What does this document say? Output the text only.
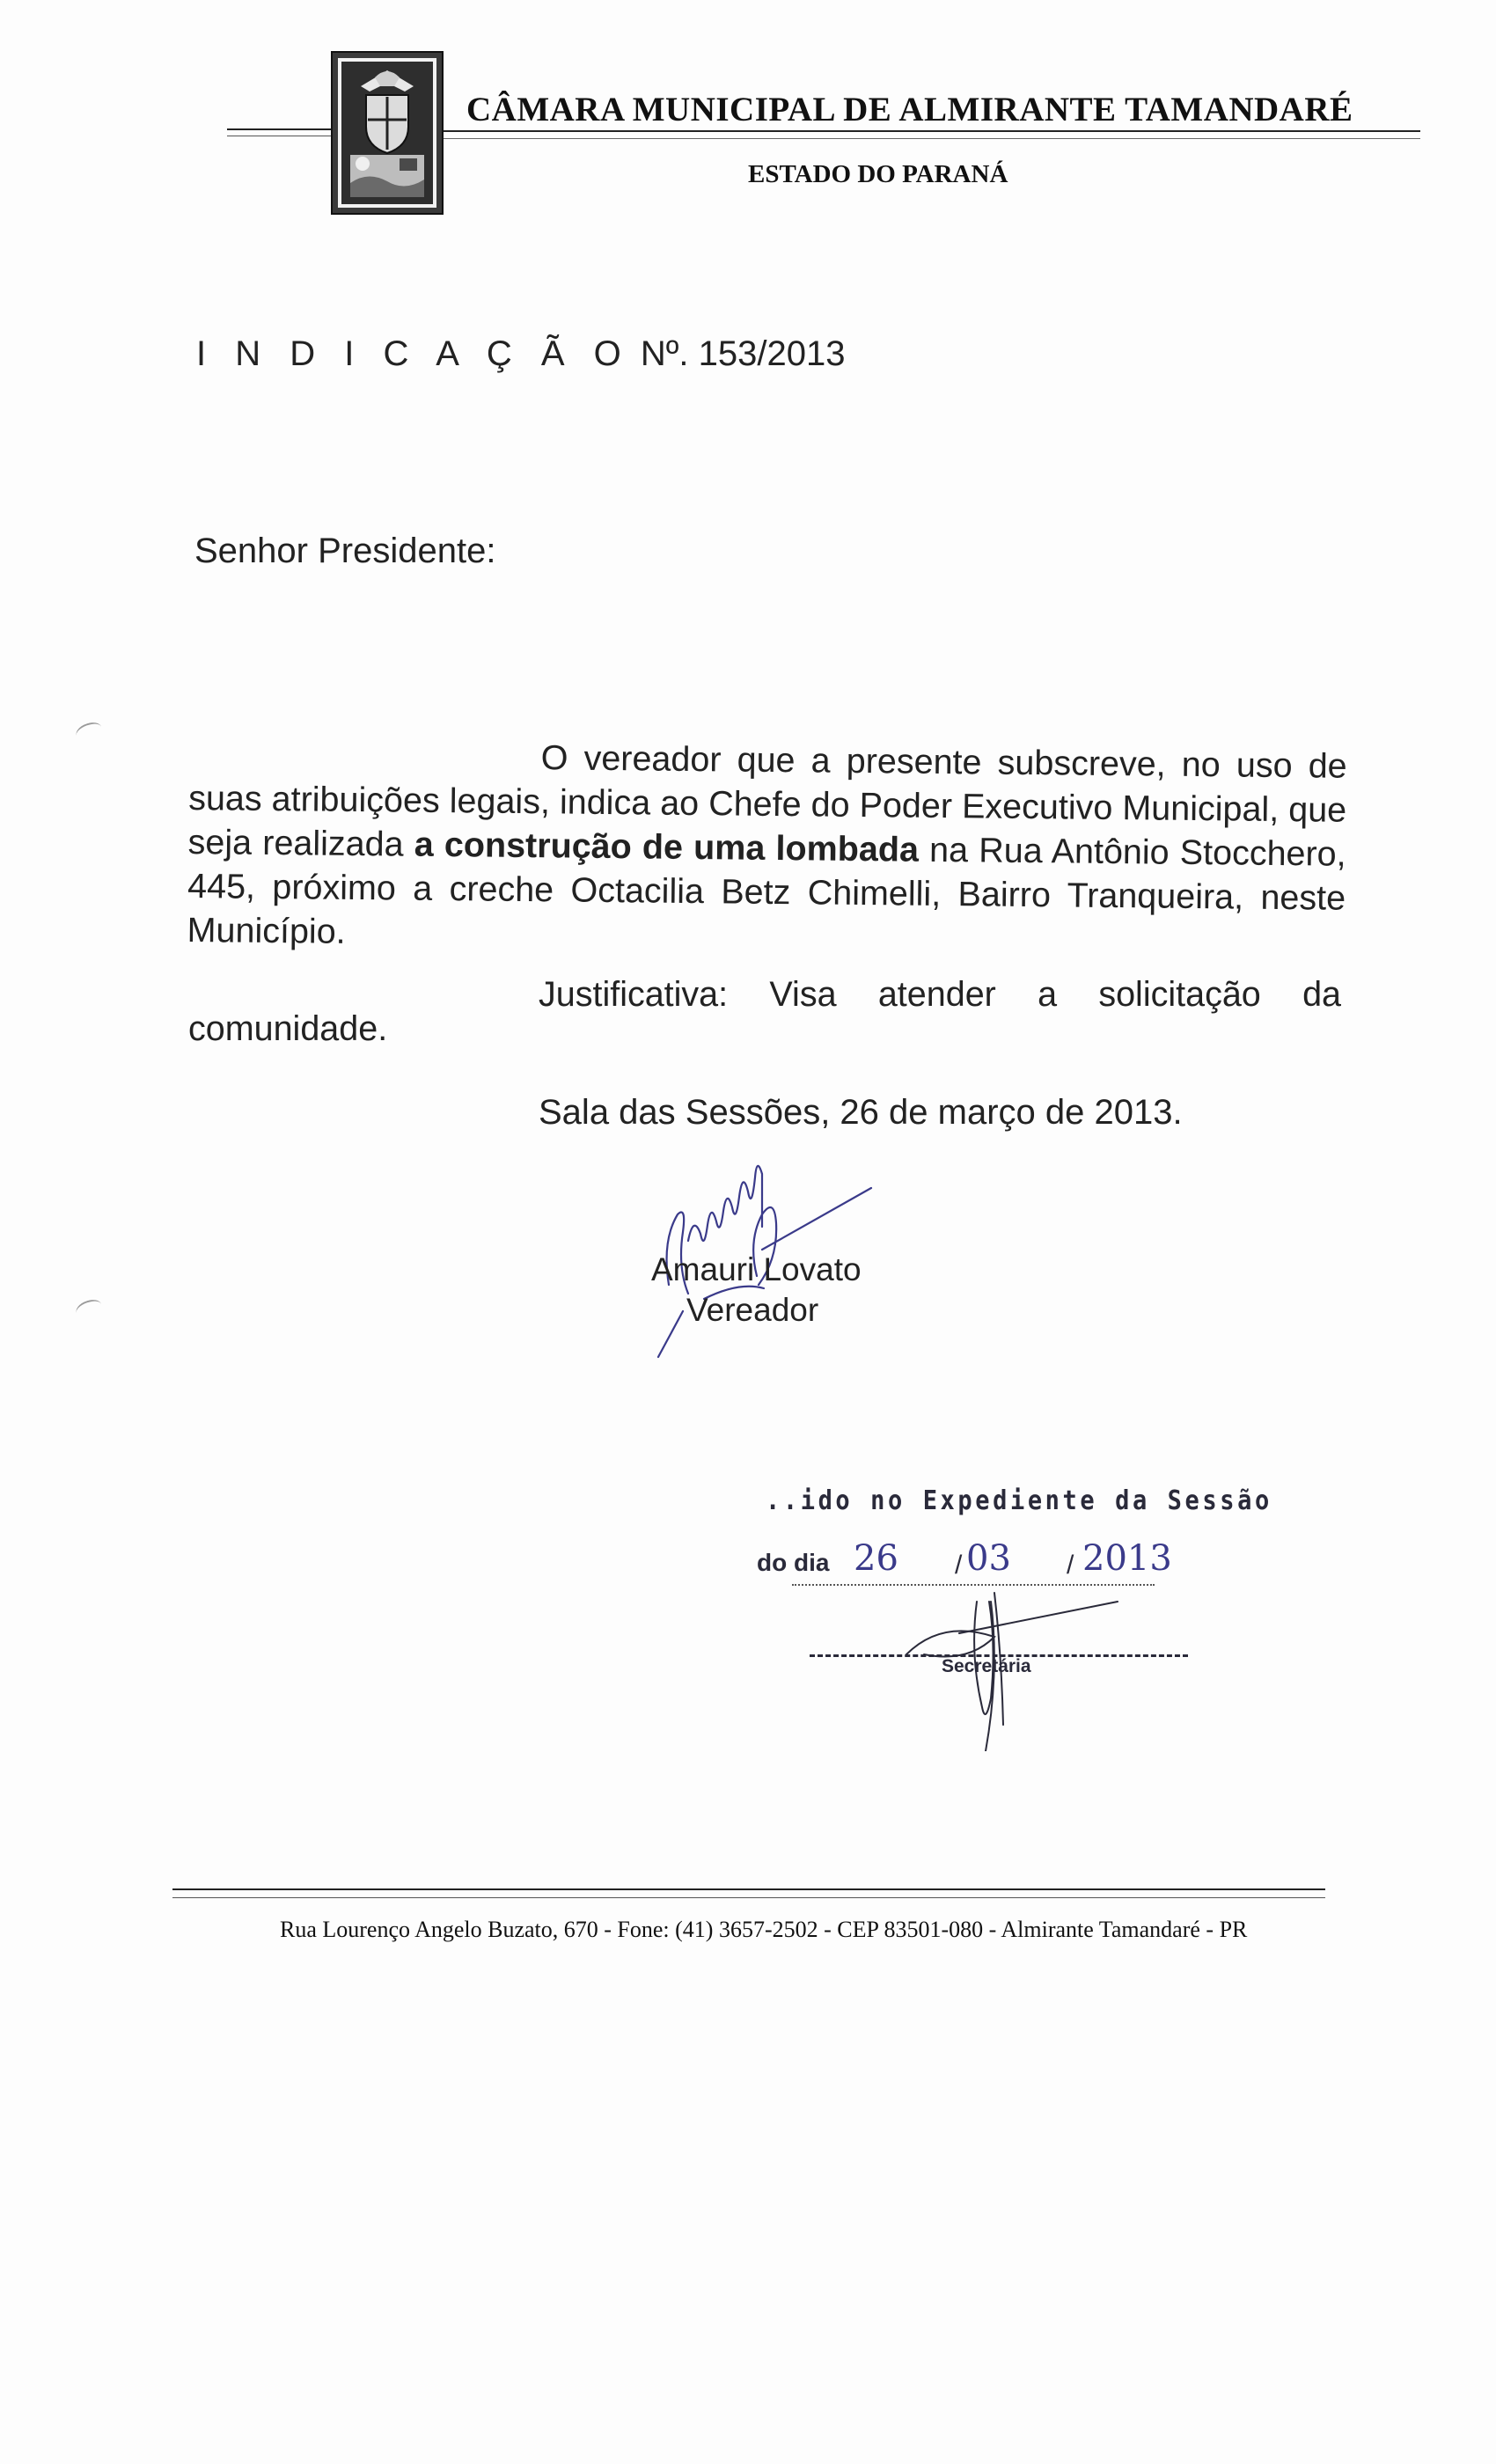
CÂMARA MUNICIPAL DE ALMIRANTE TAMANDARÉ
ESTADO DO PARANÁ
I N D I C A Ç Ã O Nº. 153/2013
Senhor Presidente:
O vereador que a presente subscreve, no uso de
suas atribuições legais, indica ao Chefe do Poder Executivo Municipal, que
seja realizada a construção de uma lombada na Rua Antônio Stocchero,
445, próximo a creche Octacilia Betz Chimelli, Bairro Tranqueira, neste
Município.
Justificativa: Visa atender a solicitação da
comunidade.
Sala das Sessões, 26 de março de 2013.
Amauri Lovato
Vereador
..ido no Expediente da Sessão
do dia 26 / 03 / 2013
Secretária
Rua Lourenço Angelo Buzato, 670 - Fone: (41) 3657-2502 - CEP 83501-080 - Almirante Tamandaré - PR
